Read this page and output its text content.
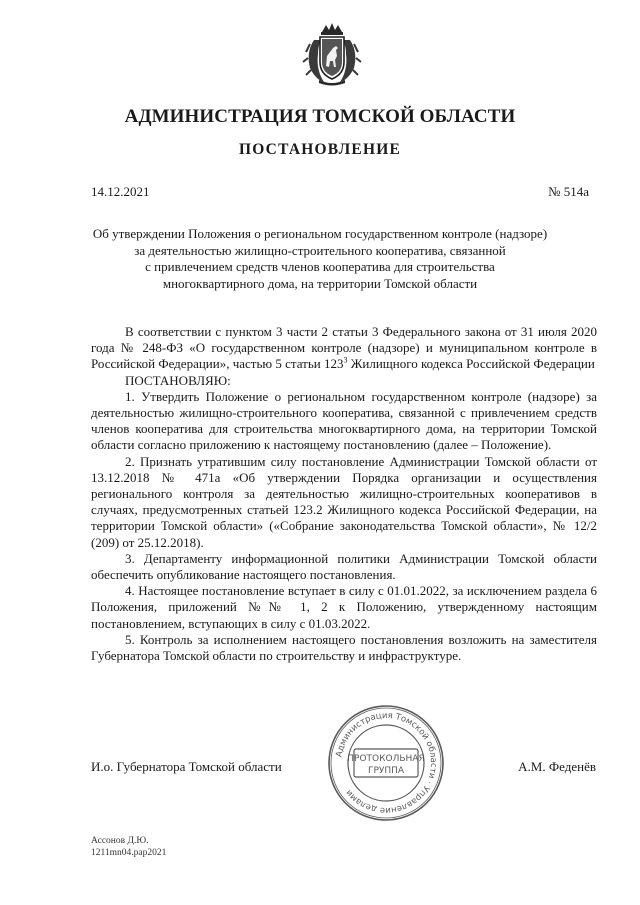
АДМИНИСТРАЦИЯ ТОМСКОЙ ОБЛАСТИ
ПОСТАНОВЛЕНИЕ
14.12.2021	№ 514а
Об утверждении Положения о региональном государственном контроле (надзоре)
за деятельностью жилищно-строительного кооператива, связанной
с привлечением средств членов кооператива для строительства
многоквартирного дома, на территории Томской области

В соответствии с пунктом 3 части 2 статьи 3 Федерального закона от 31 июля 2020 года № 248-ФЗ «О государственном контроле (надзоре) и муниципальном контроле в Российской Федерации», частью 5 статьи $123^3$ Жилищного кодекса Российской Федерации

ПОСТАНОВЛЯЮ:

1. Утвердить Положение о региональном государственном контроле (надзоре) за деятельностью жилищно-строительного кооператива, связанной с привлечением средств членов кооператива для строительства многоквартирного дома, на территории Томской области согласно приложению к настоящему постановлению (далее – Положение).

2. Признать утратившим силу постановление Администрации Томской области от 13.12.2018 № 471а «Об утверждении Порядка организации и осуществления регионального контроля за деятельностью жилищно-строительных кооперативов в случаях, предусмотренных статьей 123.2 Жилищного кодекса Российской Федерации, на территории Томской области» («Собрание законодательства Томской области», № 12/2 (209) от 25.12.2018).

3. Департаменту информационной политики Администрации Томской области обеспечить опубликование настоящего постановления.

4. Настоящее постановление вступает в силу с 01.01.2022, за исключением раздела 6 Положения, приложений №№ 1, 2 к Положению, утвержденному настоящим постановлением, вступающих в силу с 01.03.2022.

5. Контроль за исполнением настоящего постановления возложить на заместителя Губернатора Томской области по строительству и инфраструктуре.

И.о. Губернатора Томской области	А.М. Феденёв
Администрация Томской области · Управление делами
ПРОТОКОЛЬНАЯ
ГРУППА
Ассонов Д.Ю.
1211mn04.pap2021
